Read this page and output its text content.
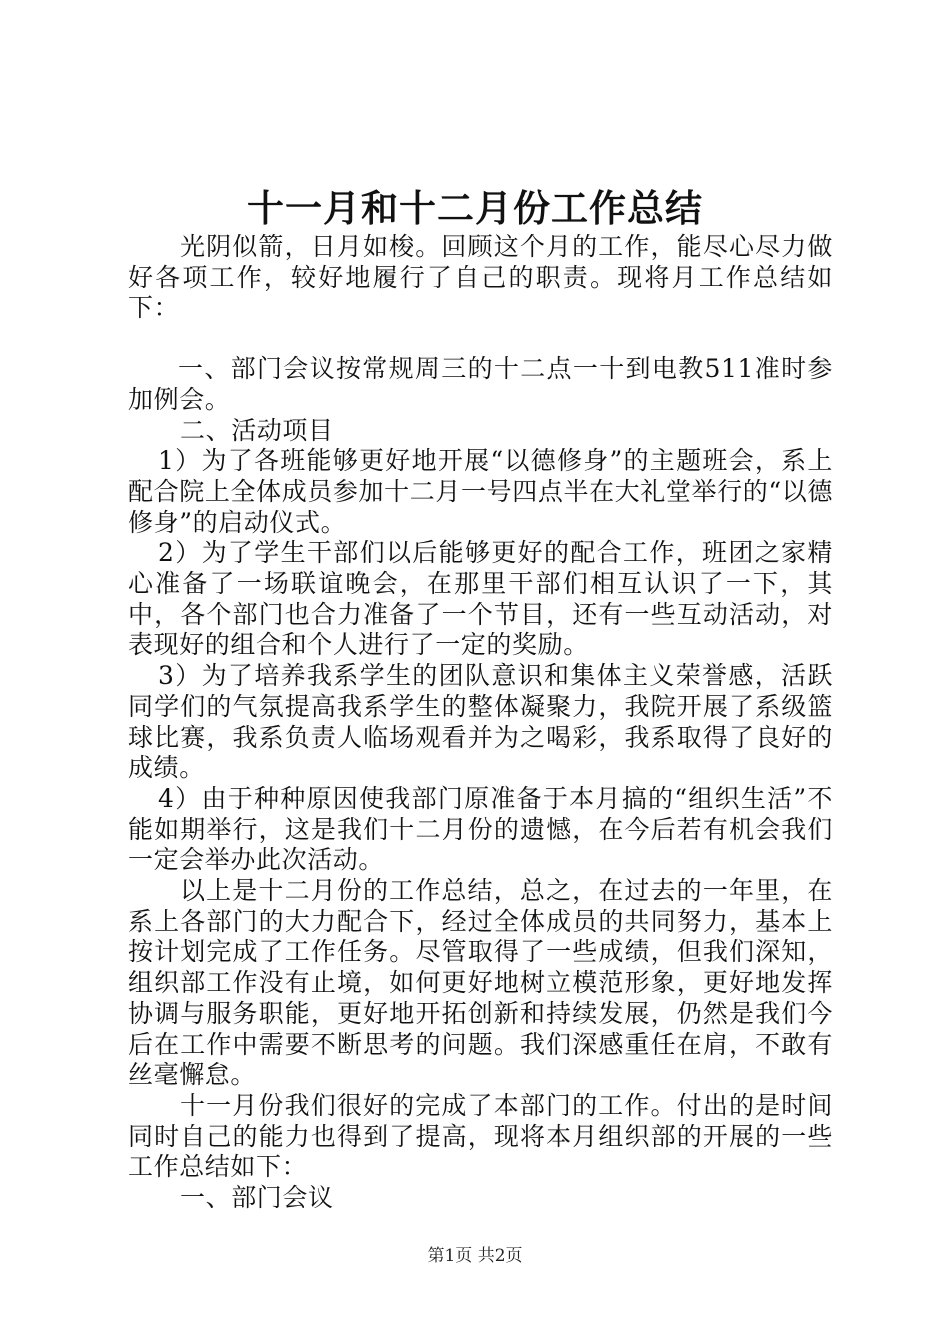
十一月和十二月份工作总结

光阴似箭，日月如梭。回顾这个月的工作，能尽心尽力做好各项工作，较好地履行了自己的职责。现将月工作总结如下：

一、部门会议按常规周三的十二点一十到电教511准时参加例会。

二、活动项目

1）为了各班能够更好地开展“以德修身”的主题班会，系上配合院上全体成员参加十二月一号四点半在大礼堂举行的“以德修身”的启动仪式。

2）为了学生干部们以后能够更好的配合工作，班团之家精心准备了一场联谊晚会，在那里干部们相互认识了一下，其中，各个部门也合力准备了一个节目，还有一些互动活动，对表现好的组合和个人进行了一定的奖励。

3）为了培养我系学生的团队意识和集体主义荣誉感，活跃同学们的气氛提高我系学生的整体凝聚力，我院开展了系级篮球比赛，我系负责人临场观看并为之喝彩，我系取得了良好的成绩。

4）由于种种原因使我部门原准备于本月搞的“组织生活”不能如期举行，这是我们十二月份的遗憾，在今后若有机会我们一定会举办此次活动。

以上是十二月份的工作总结，总之，在过去的一年里，在系上各部门的大力配合下，经过全体成员的共同努力，基本上按计划完成了工作任务。尽管取得了一些成绩，但我们深知，组织部工作没有止境，如何更好地树立模范形象，更好地发挥协调与服务职能，更好地开拓创新和持续发展，仍然是我们今后在工作中需要不断思考的问题。我们深感重任在肩，不敢有丝毫懈怠。

十一月份我们很好的完成了本部门的工作。付出的是时间同时自己的能力也得到了提高，现将本月组织部的开展的一些工作总结如下：

一、部门会议

第1页 共2页
